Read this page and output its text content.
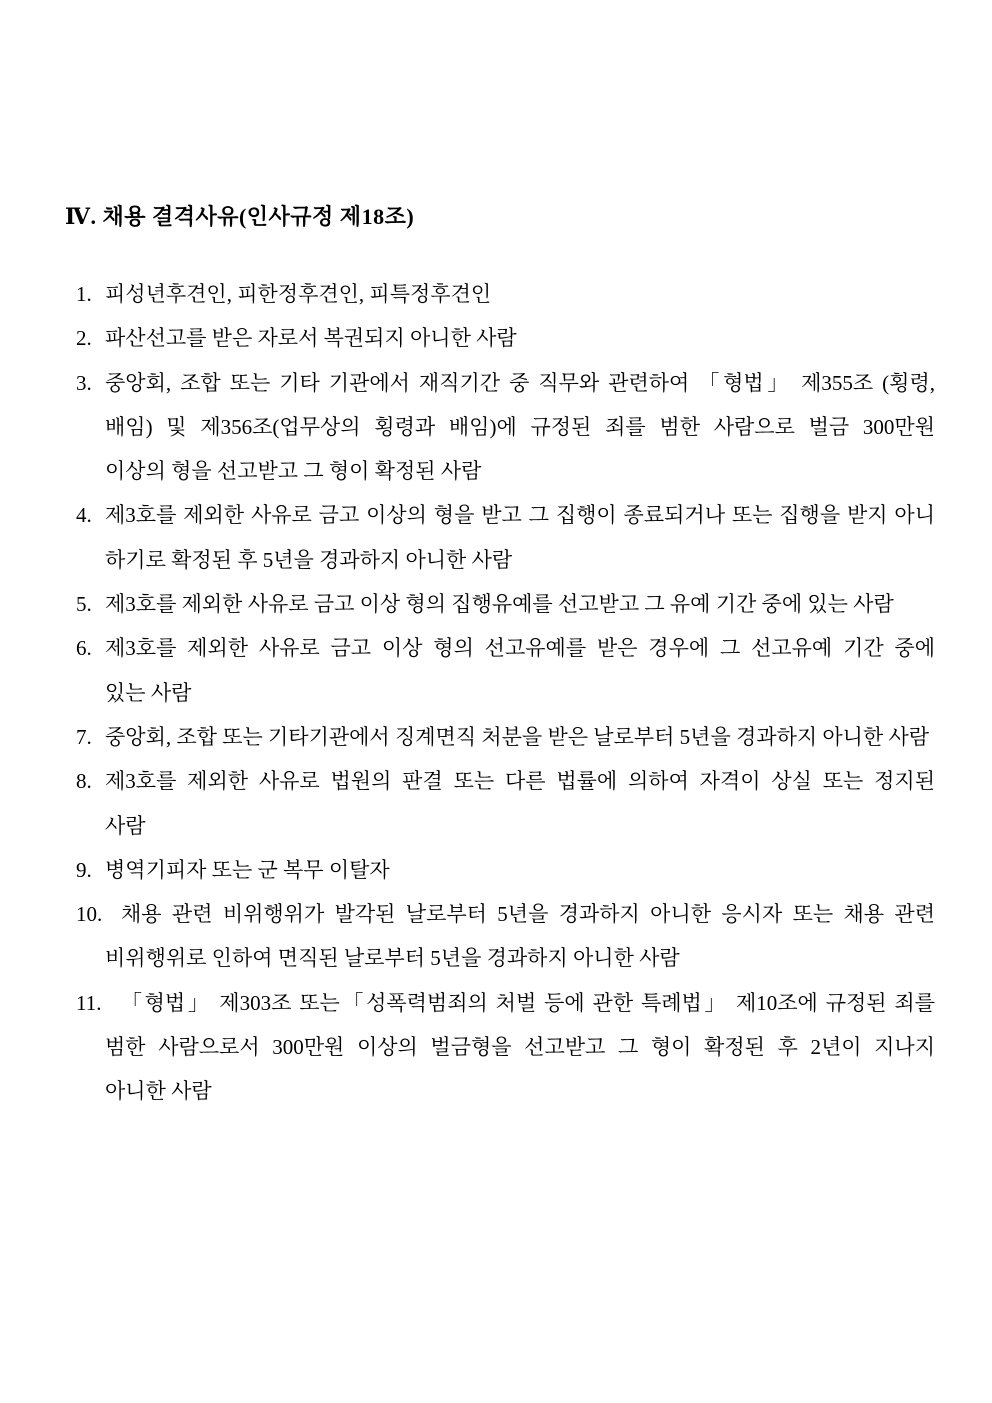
Ⅳ. 채용 결격사유(인사규정 제18조)
1. 피성년후견인, 피한정후견인, 피특정후견인
2. 파산선고를 받은 자로서 복권되지 아니한 사람
3. 중앙회, 조합 또는 기타 기관에서 재직기간 중 직무와 관련하여 「형법」 제355조 (횡령,
배임) 및 제356조(업무상의 횡령과 배임)에 규정된 죄를 범한 사람으로 벌금 300만원
이상의 형을 선고받고 그 형이 확정된 사람
4. 제3호를 제외한 사유로 금고 이상의 형을 받고 그 집행이 종료되거나 또는 집행을 받지 아니
하기로 확정된 후 5년을 경과하지 아니한 사람
5. 제3호를 제외한 사유로 금고 이상 형의 집행유예를 선고받고 그 유예 기간 중에 있는 사람
6. 제3호를 제외한 사유로 금고 이상 형의 선고유예를 받은 경우에 그 선고유예 기간 중에
있는 사람
7. 중앙회, 조합 또는 기타기관에서 징계면직 처분을 받은 날로부터 5년을 경과하지 아니한 사람
8. 제3호를 제외한 사유로 법원의 판결 또는 다른 법률에 의하여 자격이 상실 또는 정지된
사람
9. 병역기피자 또는 군 복무 이탈자
10. 채용 관련 비위행위가 발각된 날로부터 5년을 경과하지 아니한 응시자 또는 채용 관련
비위행위로 인하여 면직된 날로부터 5년을 경과하지 아니한 사람
11. 「형법」 제303조 또는「성폭력범죄의 처벌 등에 관한 특례법」 제10조에 규정된 죄를
범한 사람으로서 300만원 이상의 벌금형을 선고받고 그 형이 확정된 후 2년이 지나지
아니한 사람
